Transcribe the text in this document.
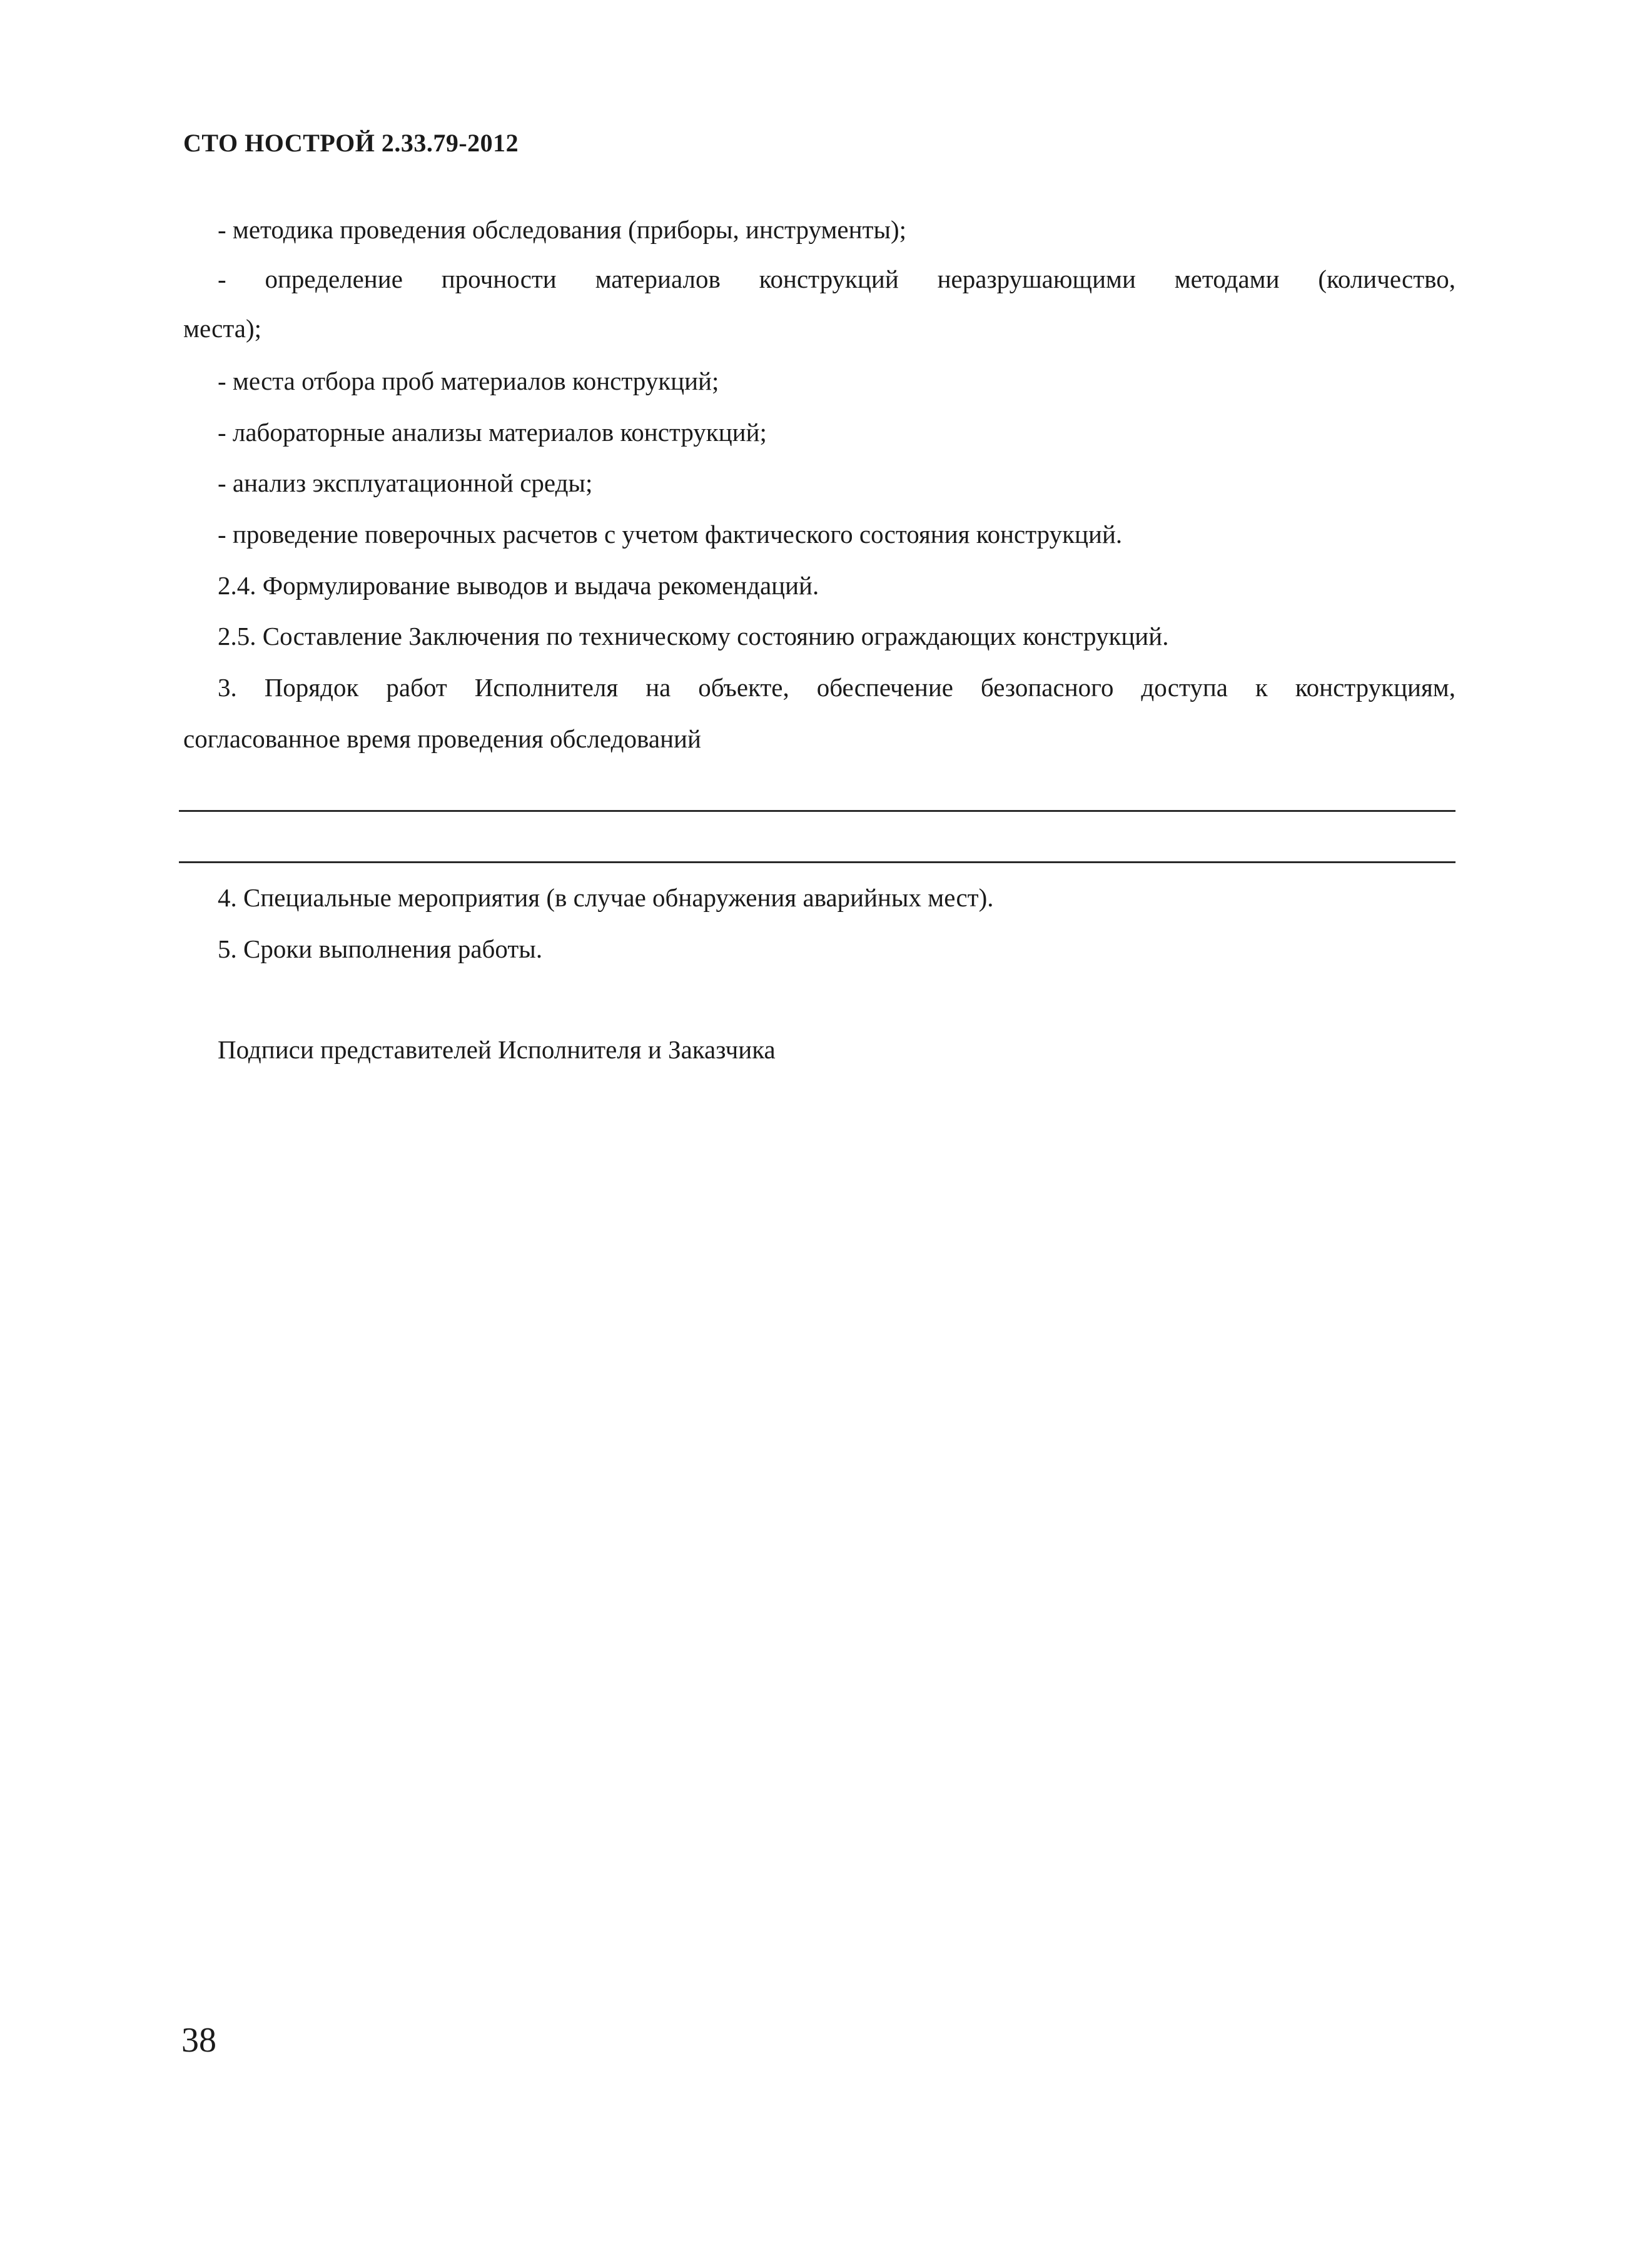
СТО НОСТРОЙ 2.33.79-2012
- методика проведения обследования (приборы, инструменты);
- определение прочности материалов конструкций неразрушающими методами (количество,
места);
- места отбора проб материалов конструкций;
- лабораторные анализы материалов конструкций;
- анализ эксплуатационной среды;
- проведение поверочных расчетов с учетом фактического состояния конструкций.
2.4. Формулирование выводов и выдача рекомендаций.
2.5. Составление Заключения по техническому состоянию ограждающих конструкций.
3. Порядок работ Исполнителя на объекте, обеспечение безопасного доступа к конструкциям,
согласованное время проведения обследований
4. Специальные мероприятия (в случае обнаружения аварийных мест).
5. Сроки выполнения работы.
Подписи представителей Исполнителя и Заказчика
38
